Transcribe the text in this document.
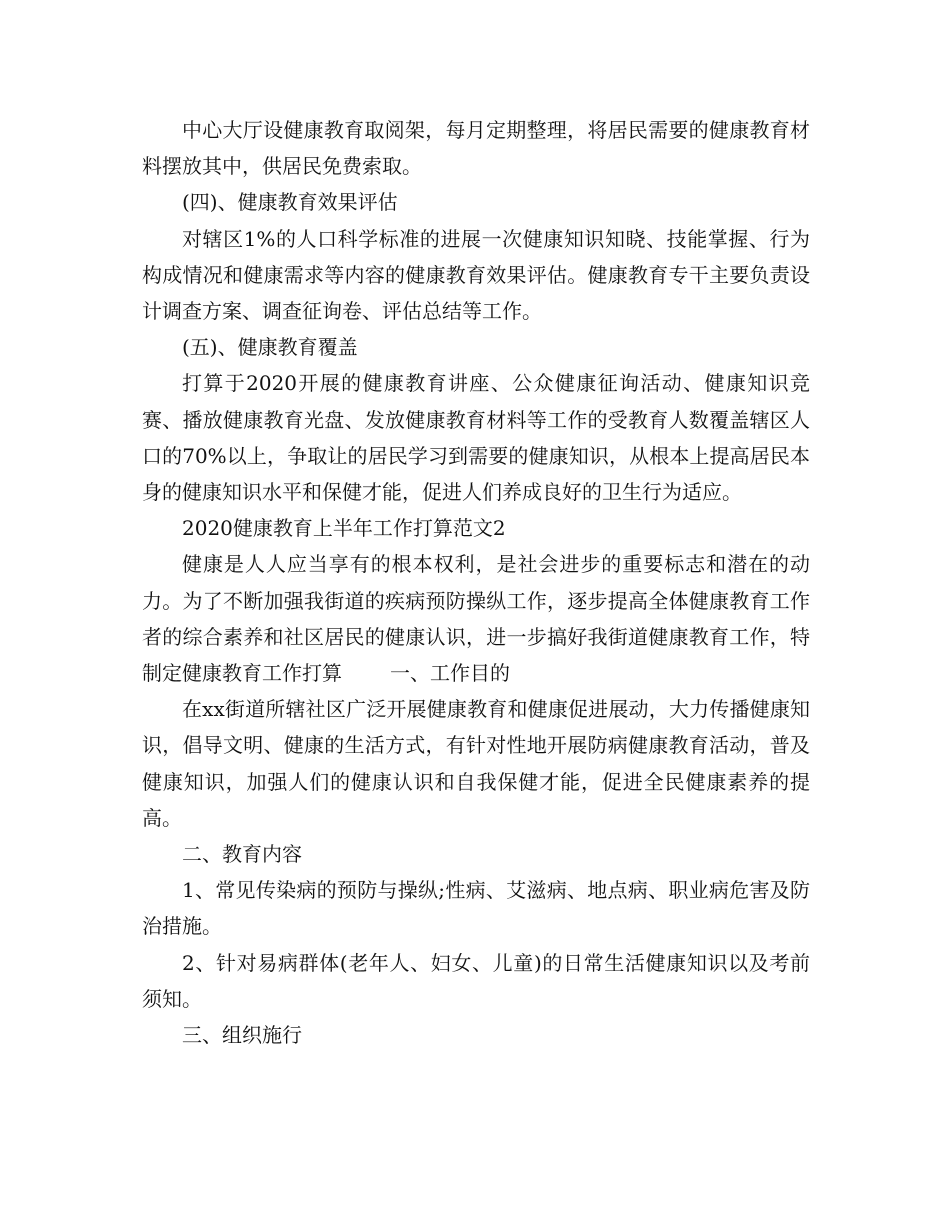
中心大厅设健康教育取阅架，每月定期整理，将居民需要的健康教育材料摆放其中，供居民免费索取。

(四)、健康教育效果评估

对辖区1%的人口科学标准的进展一次健康知识知晓、技能掌握、行为构成情况和健康需求等内容的健康教育效果评估。健康教育专干主要负责设计调查方案、调查征询卷、评估总结等工作。

(五)、健康教育覆盖

打算于2020开展的健康教育讲座、公众健康征询活动、健康知识竞赛、播放健康教育光盘、发放健康教育材料等工作的受教育人数覆盖辖区人口的70%以上，争取让的居民学习到需要的健康知识，从根本上提高居民本身的健康知识水平和保健才能，促进人们养成良好的卫生行为适应。

2020健康教育上半年工作打算范文2

健康是人人应当享有的根本权利，是社会进步的重要标志和潜在的动力。为了不断加强我街道的疾病预防操纵工作，逐步提高全体健康教育工作者的综合素养和社区居民的健康认识，进一步搞好我街道健康教育工作，特制定健康教育工作打算 一、工作目的

在xx街道所辖社区广泛开展健康教育和健康促进展动，大力传播健康知识，倡导文明、健康的生活方式，有针对性地开展防病健康教育活动，普及健康知识，加强人们的健康认识和自我保健才能，促进全民健康素养的提高。

二、教育内容

1、常见传染病的预防与操纵;性病、艾滋病、地点病、职业病危害及防治措施。

2、针对易病群体(老年人、妇女、儿童)的日常生活健康知识以及考前须知。

三、组织施行
